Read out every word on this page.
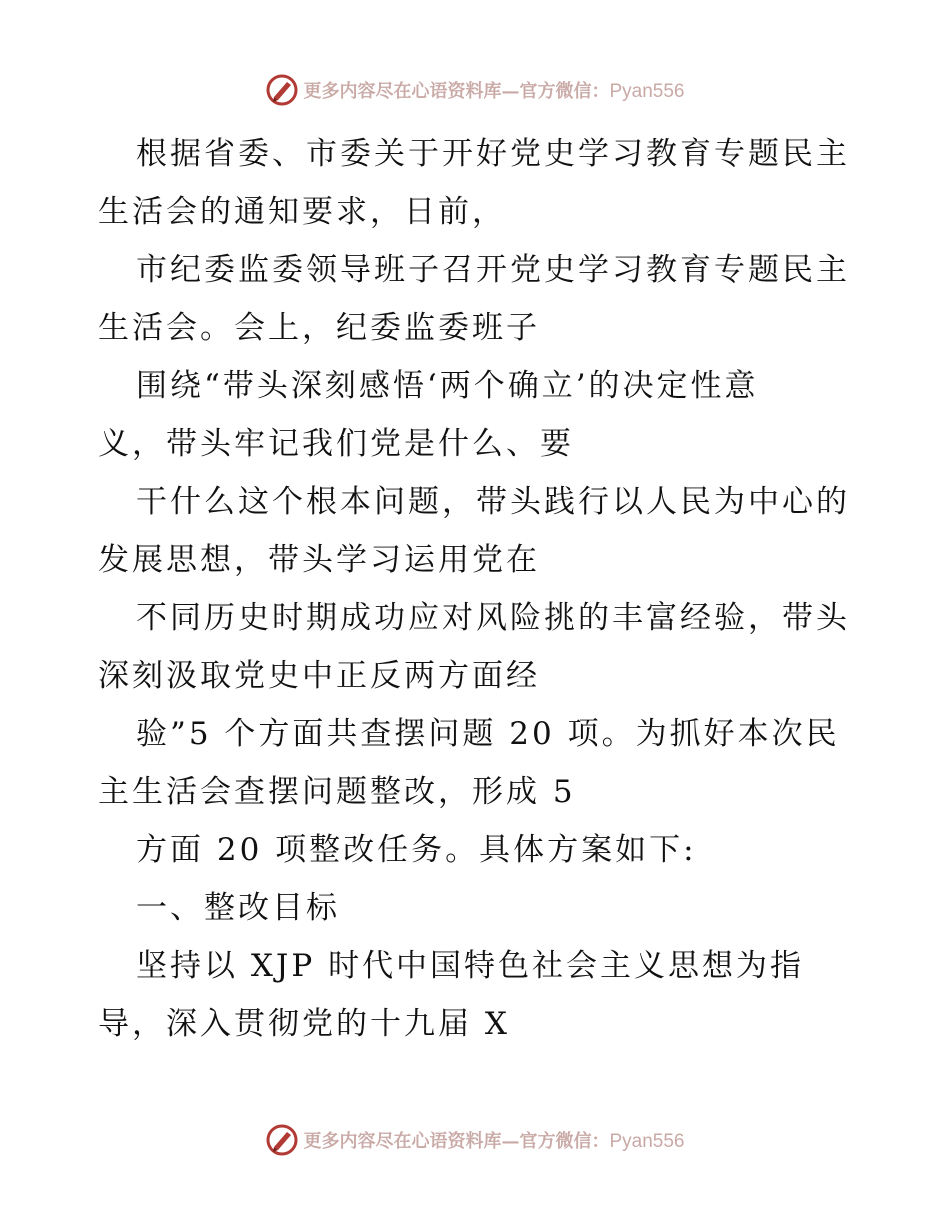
更多内容尽在心语资料库—官方微信：Pyan556

根据省委、市委关于开好党史学习教育专题民主

生活会的通知要求，日前，

市纪委监委领导班子召开党史学习教育专题民主

生活会。会上，纪委监委班子

围绕“带头深刻感悟‘两个确立’的决定性意

义，带头牢记我们党是什么、要

干什么这个根本问题，带头践行以人民为中心的

发展思想，带头学习运用党在

不同历史时期成功应对风险挑的丰富经验，带头

深刻汲取党史中正反两方面经

验”5 个方面共查摆问题 20 项。为抓好本次民

主生活会查摆问题整改，形成 5

方面 20 项整改任务。具体方案如下:

一、整改目标

坚持以 XJP 时代中国特色社会主义思想为指

导，深入贯彻党的十九届 X

更多内容尽在心语资料库—官方微信：Pyan556
